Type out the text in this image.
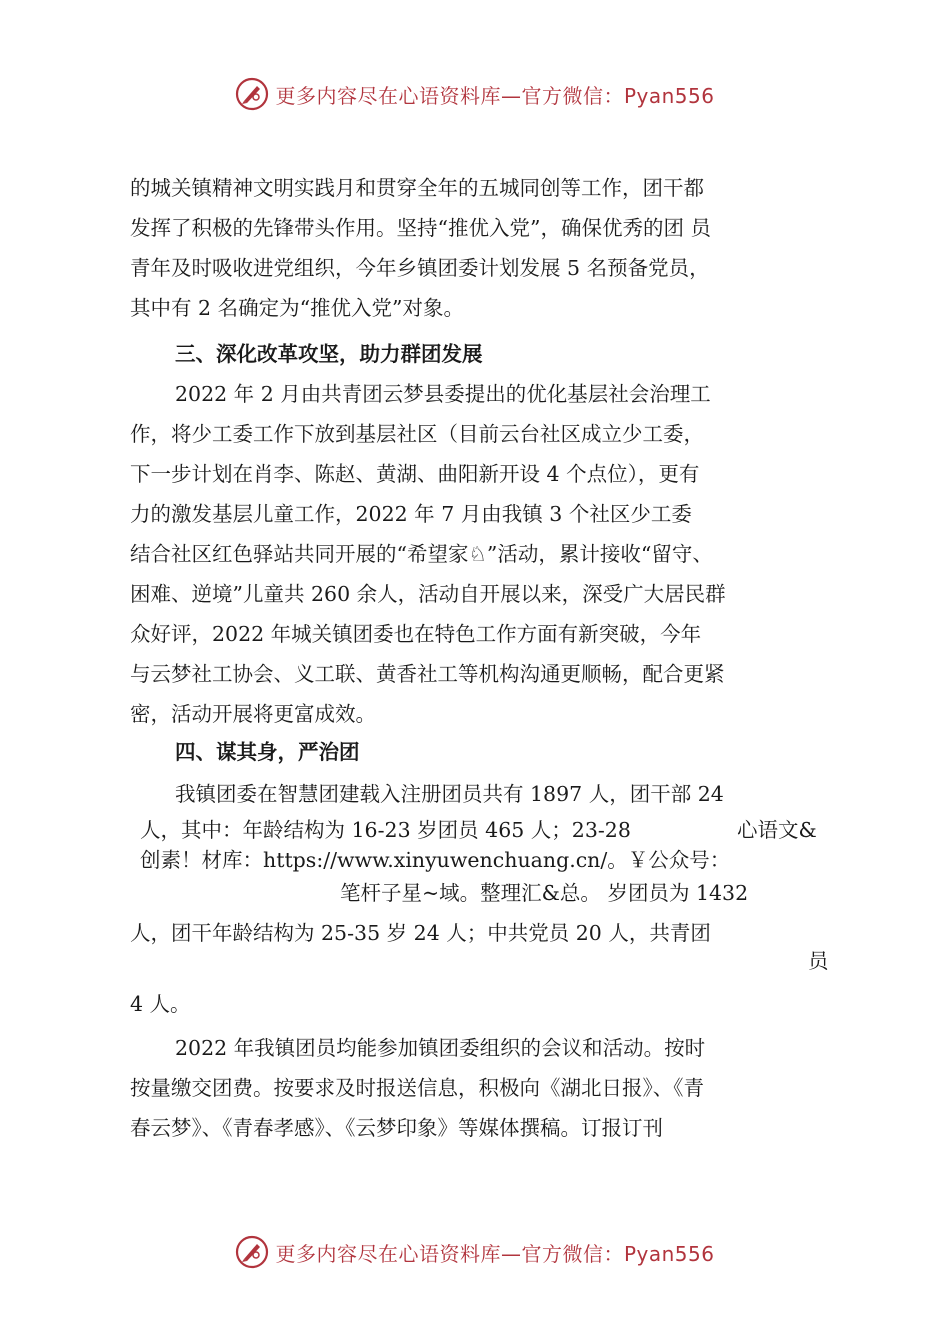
更多内容尽在心语资料库—官方微信：Pyan556
的城关镇精神文明实践月和贯穿全年的五城同创等工作，团干都
发挥了积极的先锋带头作用。坚持“推优入党”，确保优秀的团 员
青年及时吸收进党组织，今年乡镇团委计划发展 5 名预备党员，
其中有 2 名确定为“推优入党”对象。
三、深化改革攻坚，助力群团发展
2022 年 2 月由共青团云梦县委提出的优化基层社会治理工
作，将少工委工作下放到基层社区（目前云台社区成立少工委，
下一步计划在肖李、陈赵、黄湖、曲阳新开设 4 个点位），更有
力的激发基层儿童工作，2022 年 7 月由我镇 3 个社区少工委
结合社区红色驿站共同开展的“希望家♘”活动，累计接收“留守、
困难、逆境”儿童共 260 余人，活动自开展以来，深受广大居民群
众好评，2022 年城关镇团委也在特色工作方面有新突破，今年
与云梦社工协会、义工联、黄香社工等机构沟通更顺畅，配合更紧
密，活动开展将更富成效。
四、谋其身，严治团
我镇团委在智慧团建载入注册团员共有 1897 人，团干部 24
人，其中：年龄结构为 16-23 岁团员 465 人；23-28	心语文&
创素！材库：https://www.xinyuwenchuang.cn/。￥公众号：
笔杆子星~域。整理汇&总。 岁团员为 1432
人，团干年龄结构为 25-35 岁 24 人；中共党员 20 人，共青团
员
4 人。
2022 年我镇团员均能参加镇团委组织的会议和活动。按时
按量缴交团费。按要求及时报送信息，积极向《湖北日报》、《青
春云梦》、《青春孝感》、《云梦印象》等媒体撰稿。订报订刊
更多内容尽在心语资料库—官方微信：Pyan556
